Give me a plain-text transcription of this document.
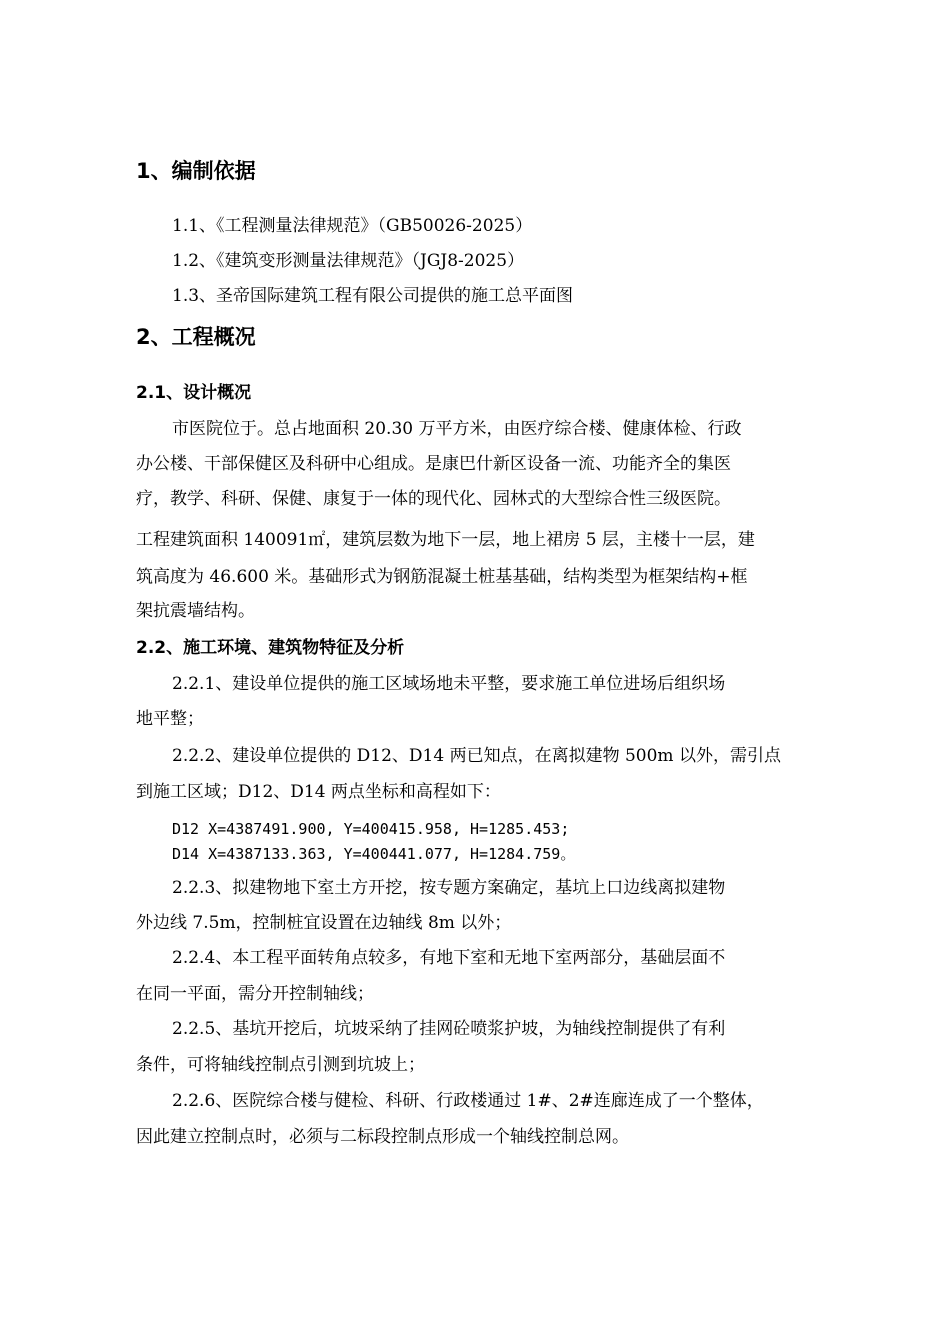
1、编制依据
1.1、《工程测量法律规范》（GB50026-2025）
1.2、《建筑变形测量法律规范》（JGJ8-2025）
1.3、圣帝国际建筑工程有限公司提供的施工总平面图
2、工程概况
2.1、设计概况
市医院位于。总占地面积 20.30 万平方米，由医疗综合楼、健康体检、行政
办公楼、干部保健区及科研中心组成。是康巴什新区设备一流、功能齐全的集医
疗，教学、科研、保健、康复于一体的现代化、园林式的大型综合性三级医院。
工程建筑面积 140091㎡，建筑层数为地下一层，地上裙房 5 层，主楼十一层，建
筑高度为 46.600 米。基础形式为钢筋混凝土桩基基础，结构类型为框架结构+框
架抗震墙结构。
2.2、施工环境、建筑物特征及分析
2.2.1、建设单位提供的施工区域场地未平整，要求施工单位进场后组织场
地平整；
2.2.2、建设单位提供的 D12、D14 两已知点，在离拟建物 500m 以外，需引点
到施工区域；D12、D14 两点坐标和高程如下：
D12 X=4387491.900, Y=400415.958, H=1285.453;
D14 X=4387133.363, Y=400441.077, H=1284.759。
2.2.3、拟建物地下室土方开挖，按专题方案确定，基坑上口边线离拟建物
外边线 7.5m，控制桩宜设置在边轴线 8m 以外；
2.2.4、本工程平面转角点较多，有地下室和无地下室两部分，基础层面不
在同一平面，需分开控制轴线；
2.2.5、基坑开挖后，坑坡采纳了挂网砼喷浆护坡，为轴线控制提供了有利
条件，可将轴线控制点引测到坑坡上；
2.2.6、医院综合楼与健检、科研、行政楼通过 1#、2#连廊连成了一个整体，
因此建立控制点时，必须与二标段控制点形成一个轴线控制总网。
